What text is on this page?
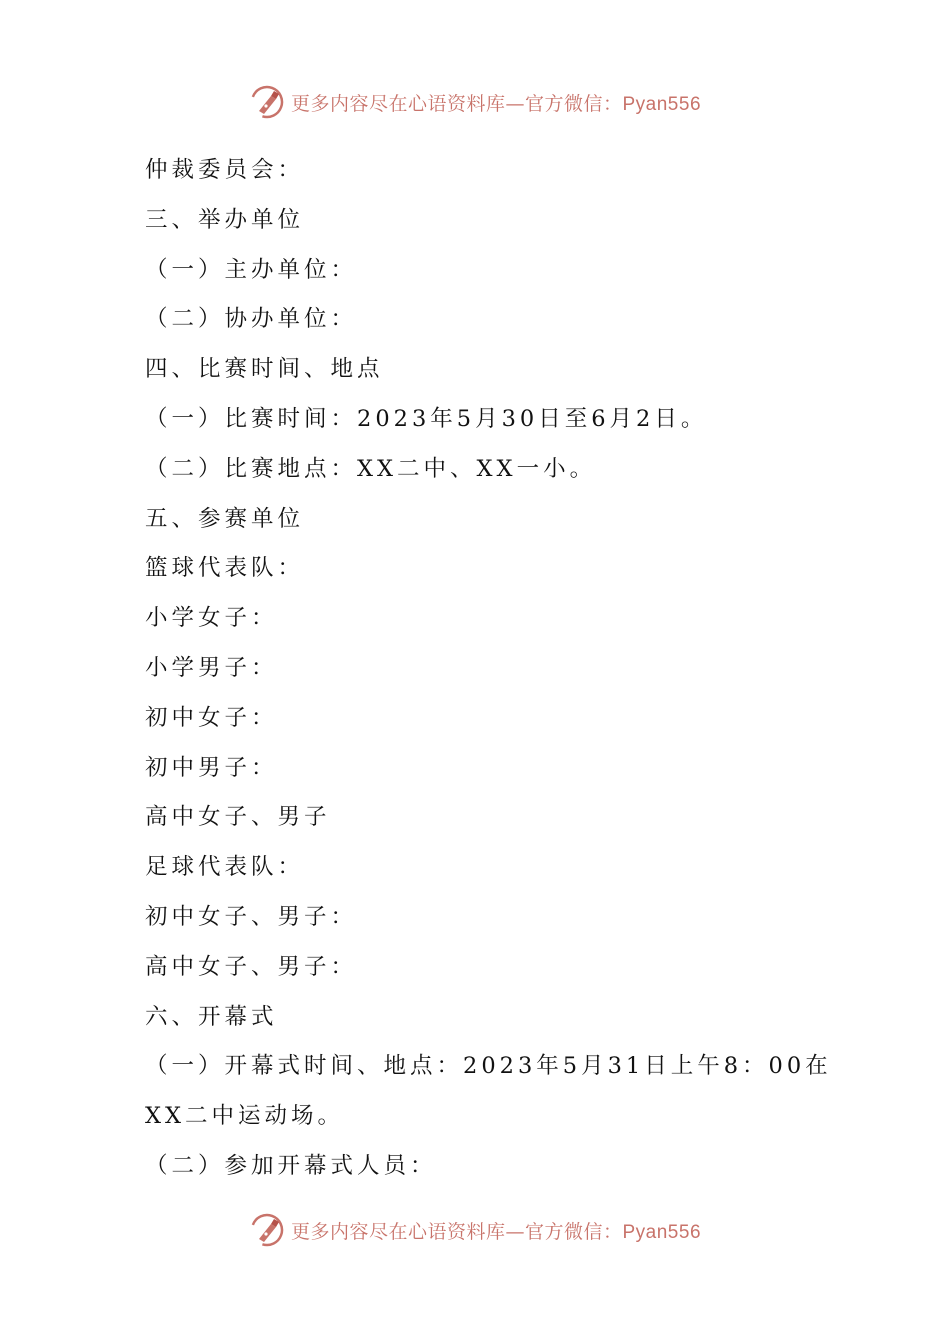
更多内容尽在心语资料库—官方微信：Pyan556
仲裁委员会：
三、举办单位
（一）主办单位：
（二）协办单位：
四、比赛时间、地点
（一）比赛时间：2023年5月30日至6月2日。
（二）比赛地点：XX二中、XX一小。
五、参赛单位
篮球代表队：
小学女子：
小学男子：
初中女子：
初中男子：
高中女子、男子
足球代表队：
初中女子、男子：
高中女子、男子：
六、开幕式
（一）开幕式时间、地点：2023年5月31日上午8：00在
XX二中运动场。
（二）参加开幕式人员：
更多内容尽在心语资料库—官方微信：Pyan556
